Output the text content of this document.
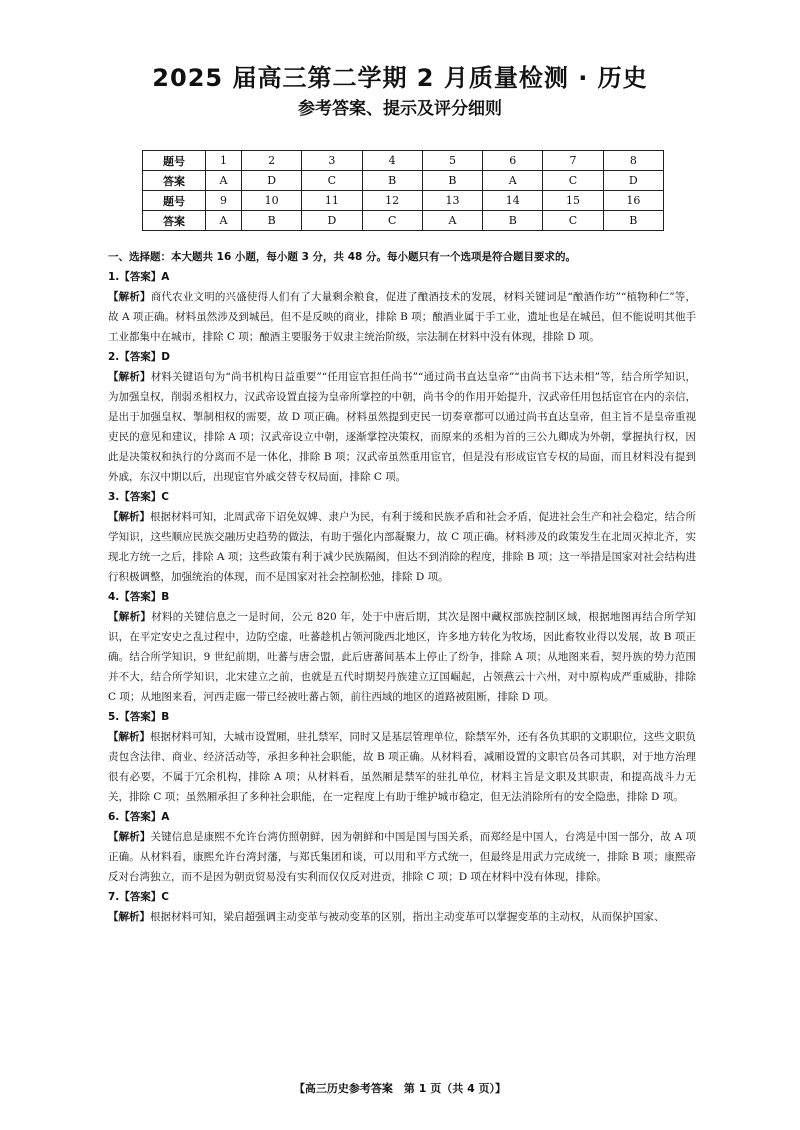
2025 届高三第二学期 2 月质量检测 · 历史
参考答案、提示及评分细则
题号	1	2	3	4	5	6	7	8
答案	A	D	C	B	B	A	C	D
题号	9	10	11	12	13	14	15	16
答案	A	B	D	C	A	B	C	B
一、选择题：本大题共 16 小题，每小题 3 分，共 48 分。每小题只有一个选项是符合题目要求的。
1.【答案】A
【解析】商代农业文明的兴盛使得人们有了大量剩余粮食，促进了酿酒技术的发展，材料关键词是“酿酒作坊”“植物种仁”等，故 A 项正确。材料虽然涉及到城邑，但不是反映的商业，排除 B 项；酿酒业属于手工业，遗址也是在城邑，但不能说明其他手工业都集中在城市，排除 C 项；酿酒主要服务于奴隶主统治阶级，宗法制在材料中没有体现，排除 D 项。
2.【答案】D
【解析】材料关键语句为“尚书机构日益重要”“任用宦官担任尚书”“通过尚书直达皇帝”“由尚书下达未相”等，结合所学知识，为加强皇权，削弱丞相权力，汉武帝设置直接为皇帝所掌控的中朝，尚书令的作用开始提升，汉武帝任用包括宦官在内的亲信，是出于加强皇权、掣制相权的需要，故 D 项正确。材料虽然提到吏民一切奏章都可以通过尚书直达皇帝，但主旨不是皇帝重视吏民的意见和建议，排除 A 项；汉武帝设立中朝，逐渐掌控决策权，而原来的丞相为首的三公九卿成为外朝，掌握执行权，因此是决策权和执行的分离而不是一体化，排除 B 项；汉武帝虽然重用宦官，但是没有形成宦官专权的局面，而且材料没有提到外戚，东汉中期以后，出现宦官外戚交替专权局面，排除 C 项。
3.【答案】C
【解析】根据材料可知，北周武帝下诏免奴婢、隶户为民，有利于缓和民族矛盾和社会矛盾，促进社会生产和社会稳定，结合所学知识，这些顺应民族交融历史趋势的做法，有助于强化内部凝聚力，故 C 项正确。材料涉及的政策发生在北周灭掉北齐，实现北方统一之后，排除 A 项；这些政策有利于减少民族隔阂，但达不到消除的程度，排除 B 项；这一举措是国家对社会结构进行积极调整，加强统治的体现，而不是国家对社会控制松弛，排除 D 项。
4.【答案】B
【解析】材料的关键信息之一是时间，公元 820 年，处于中唐后期，其次是图中藏权部族控制区域，根据地图再结合所学知识，在平定安史之乱过程中，边防空虚，吐蕃趁机占领河陇西北地区，许多地方转化为牧场，因此畜牧业得以发展，故 B 项正确。结合所学知识，9 世纪前期，吐蕃与唐会盟，此后唐蕃间基本上停止了纷争，排除 A 项；从地图来看，契丹族的势力范围并不大，结合所学知识，北宋建立之前，也就是五代时期契丹族建立辽国崛起，占领燕云十六州，对中原构成严重威胁，排除 C 项；从地图来看，河西走廊一带已经被吐蕃占领，前往西域的地区的道路被阻断，排除 D 项。
5.【答案】B
【解析】根据材料可知，大城市设置厢，驻扎禁军，同时又是基层管理单位，除禁军外，还有各负其职的文职职位，这些文职负责包含法律、商业、经济活动等，承担多种社会职能，故 B 项正确。从材料看，减厢设置的文职官员各司其职，对于地方治理很有必要，不属于冗余机构，排除 A 项；从材料看，虽然厢是禁军的驻扎单位，材料主旨是文职及其职责，和提高战斗力无关，排除 C 项；虽然厢承担了多种社会职能，在一定程度上有助于维护城市稳定，但无法消除所有的安全隐患，排除 D 项。
6.【答案】A
【解析】关键信息是康熙不允许台湾仿照朝鲜，因为朝鲜和中国是国与国关系，而郑经是中国人，台湾是中国一部分，故 A 项正确。从材料看，康熙允许台湾封藩，与郑氏集团和谈，可以用和平方式统一，但最终是用武力完成统一，排除 B 项；康熙帝反对台湾独立，而不是因为朝贡贸易没有实利而仅仅反对进贡，排除 C 项；D 项在材料中没有体现，排除。
7.【答案】C
【解析】根据材料可知，梁启超强调主动变革与被动变革的区别，指出主动变革可以掌握变革的主动权，从而保护国家、
【高三历史参考答案　第 1 页（共 4 页）】
